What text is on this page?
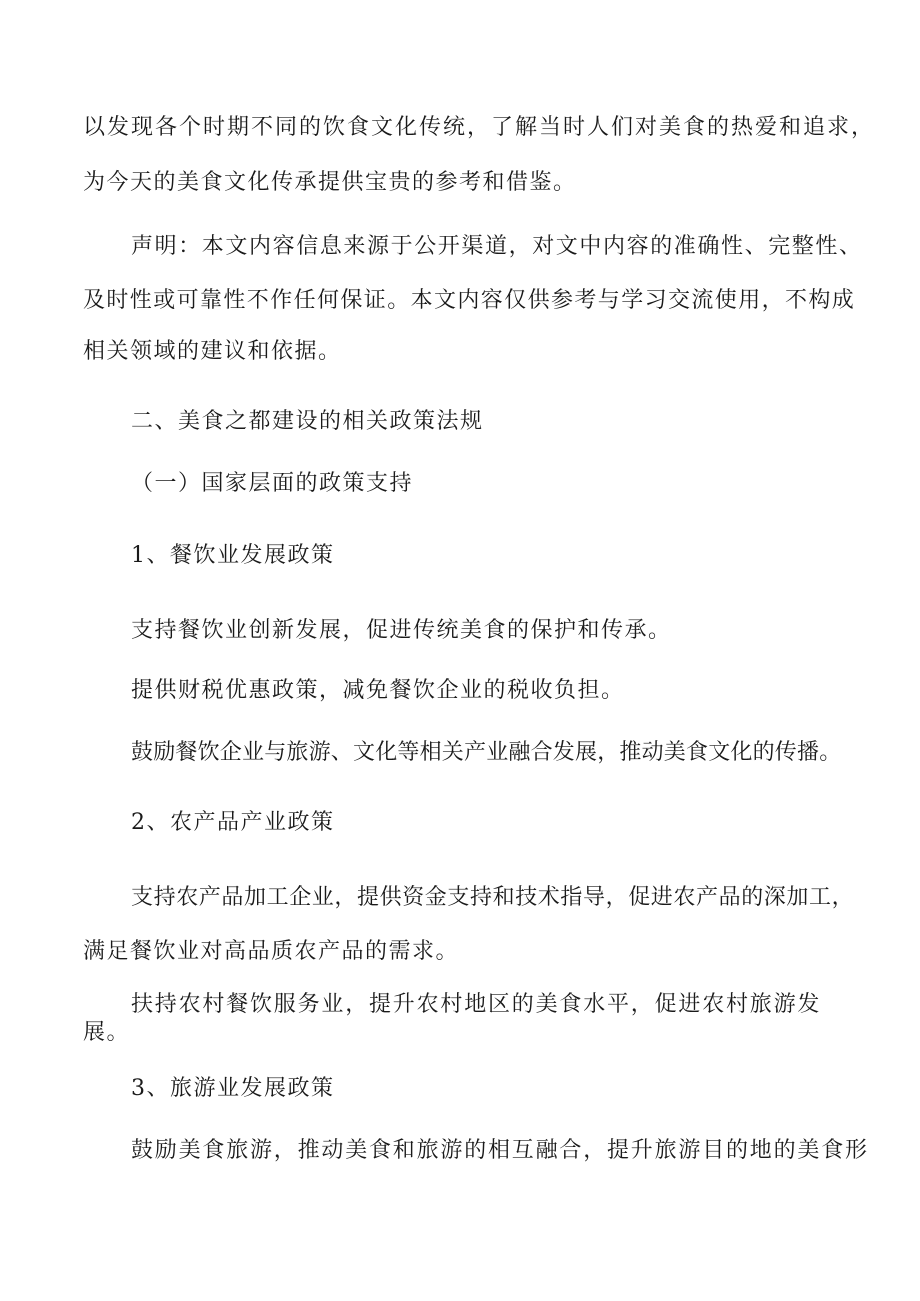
以发现各个时期不同的饮食文化传统，了解当时人们对美食的热爱和追求，
为今天的美食文化传承提供宝贵的参考和借鉴。
声明：本文内容信息来源于公开渠道，对文中内容的准确性、完整性、
及时性或可靠性不作任何保证。本文内容仅供参考与学习交流使用，不构成
相关领域的建议和依据。
二、美食之都建设的相关政策法规
（一）国家层面的政策支持
1、餐饮业发展政策
支持餐饮业创新发展，促进传统美食的保护和传承。
提供财税优惠政策，减免餐饮企业的税收负担。
鼓励餐饮企业与旅游、文化等相关产业融合发展，推动美食文化的传播。
2、农产品产业政策
支持农产品加工企业，提供资金支持和技术指导，促进农产品的深加工，
满足餐饮业对高品质农产品的需求。
扶持农村餐饮服务业，提升农村地区的美食水平，促进农村旅游发
展。
3、旅游业发展政策
鼓励美食旅游，推动美食和旅游的相互融合，提升旅游目的地的美食形
